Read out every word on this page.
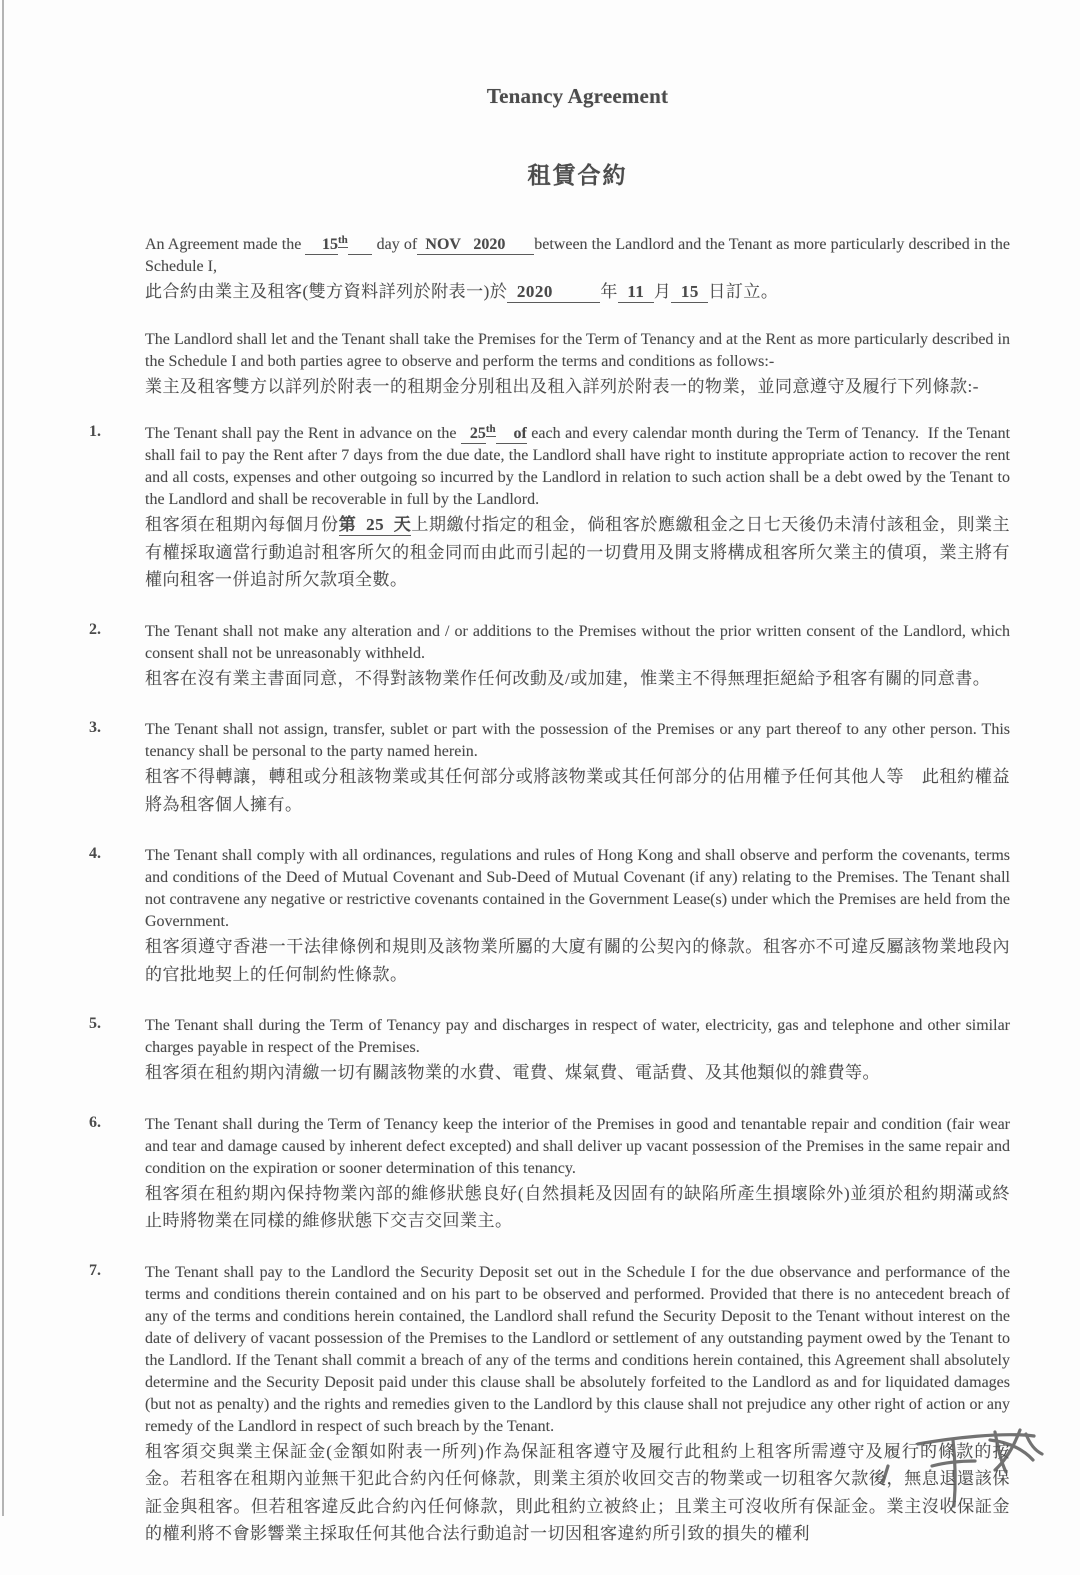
Tenancy Agreement
租賃合約

An Agreement made the     15th       day of  NOV   2020       between the Landlord and the Tenant as more particularly described in the Schedule I,

此合約由業主及租客(雙方資料詳列於附表一)於  2020          年  11  月  15  日訂立。

The Landlord shall let and the Tenant shall take the Premises for the Term of Tenancy and at the Rent as more particularly described in the Schedule I and both parties agree to observe and perform the terms and conditions as follows:-

業主及租客雙方以詳列於附表一的租期金分別租出及租入詳列於附表一的物業，並同意遵守及履行下列條款:-

1.	The Tenant shall pay the Rent in advance on the   25th of each and every calendar month during the Term of Tenancy.  If the Tenant shall fail to pay the Rent after 7 days from the due date, the Landlord shall have right to institute appropriate action to recover the rent and all costs, expenses and other outgoing so incurred by the Landlord in relation to such action shall be a debt owed by the Tenant to the Landlord and shall be recoverable in full by the Landlord.

租客須在租期內每個月份第  25  天上期繳付指定的租金，倘租客於應繳租金之日七天後仍未清付該租金，則業主有權採取適當行動追討租客所欠的租金同而由此而引起的一切費用及開支將構成租客所欠業主的債項，業主將有權向租客一併追討所欠款項全數。

2.	The Tenant shall not make any alteration and / or additions to the Premises without the prior written consent of the Landlord, which consent shall not be unreasonably withheld.

租客在沒有業主書面同意，不得對該物業作任何改動及/或加建，惟業主不得無理拒絕給予租客有關的同意書。

3.	The Tenant shall not assign, transfer, sublet or part with the possession of the Premises or any part thereof to any other person. This tenancy shall be personal to the party named herein.

租客不得轉讓，轉租或分租該物業或其任何部分或將該物業或其任何部分的佔用權予任何其他人等　此租約權益將為租客個人擁有。

4.	The Tenant shall comply with all ordinances, regulations and rules of Hong Kong and shall observe and perform the covenants, terms and conditions of the Deed of Mutual Covenant and Sub-Deed of Mutual Covenant (if any) relating to the Premises. The Tenant shall not contravene any negative or restrictive covenants contained in the Government Lease(s) under which the Premises are held from the Government.

租客須遵守香港一干法律條例和規則及該物業所屬的大廈有關的公契內的條款。租客亦不可違反屬該物業地段內的官批地契上的任何制約性條款。

5.	The Tenant shall during the Term of Tenancy pay and discharges in respect of water, electricity, gas and telephone and other similar charges payable in respect of the Premises.

租客須在租約期內清繳一切有關該物業的水費、電費、煤氣費、電話費、及其他類似的雜費等。

6.	The Tenant shall during the Term of Tenancy keep the interior of the Premises in good and tenantable repair and condition (fair wear and tear and damage caused by inherent defect excepted) and shall deliver up vacant possession of the Premises in the same repair and condition on the expiration or sooner determination of this tenancy.

租客須在租約期內保持物業內部的維修狀態良好(自然損耗及因固有的缺陷所產生損壞除外)並須於租約期滿或終止時將物業在同樣的維修狀態下交吉交回業主。

7.	The Tenant shall pay to the Landlord the Security Deposit set out in the Schedule I for the due observance and performance of the terms and conditions therein contained and on his part to be observed and performed. Provided that there is no antecedent breach of any of the terms and conditions herein contained, the Landlord shall refund the Security Deposit to the Tenant without interest on the date of delivery of vacant possession of the Premises to the Landlord or settlement of any outstanding payment owed by the Tenant to the Landlord. If the Tenant shall commit a breach of any of the terms and conditions herein contained, this Agreement shall absolutely determine and the Security Deposit paid under this clause shall be absolutely forfeited to the Landlord as and for liquidated damages (but not as penalty) and the rights and remedies given to the Landlord by this clause shall not prejudice any other right of action or any remedy of the Landlord in respect of such breach by the Tenant.

租客須交與業主保証金(金額如附表一所列)作為保証租客遵守及履行此租約上租客所需遵守及履行的條款的按金。若租客在租期內並無干犯此合約內任何條款，則業主須於收回交吉的物業或一切租客欠款後，無息退還該保証金與租客。但若租客違反此合約內任何條款，則此租約立被終止；且業主可沒收所有保証金。業主沒收保証金的權利將不會影響業主採取任何其他合法行動追討一切因租客違約所引致的損失的權利
